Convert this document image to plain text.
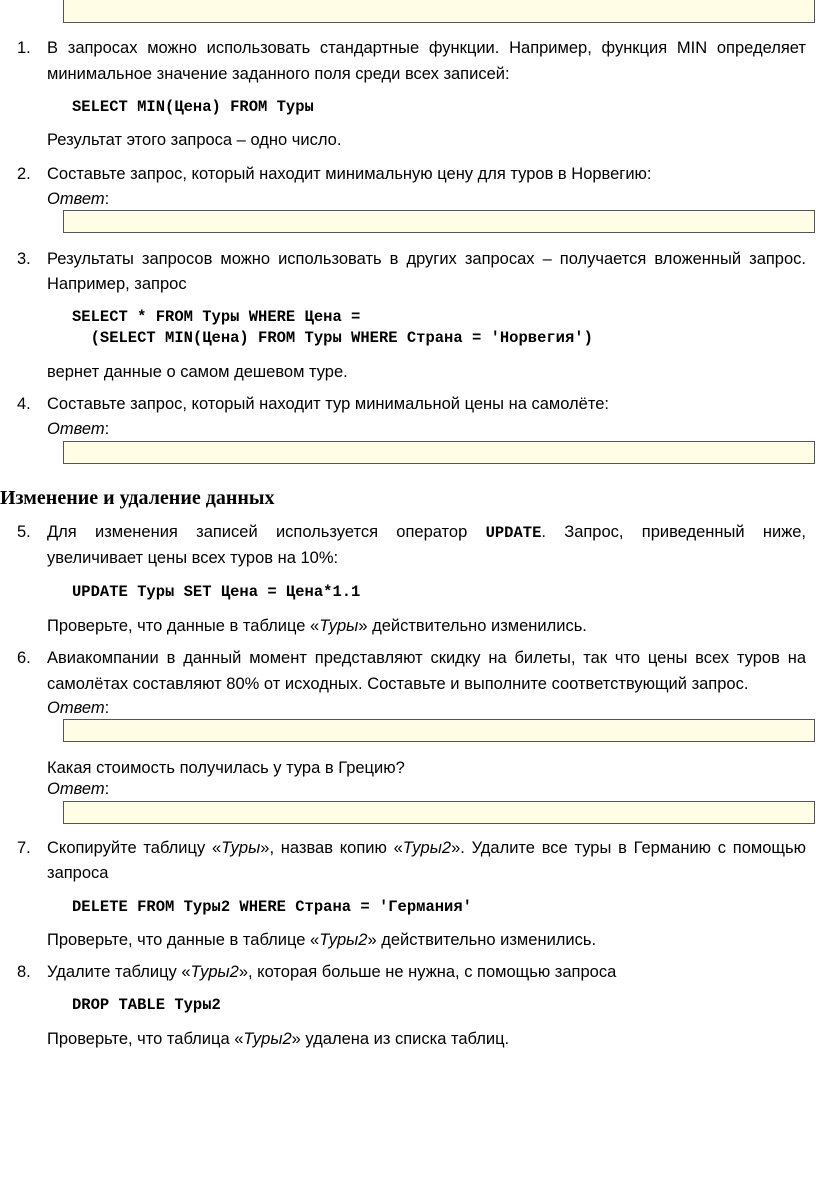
1. В запросах можно использовать стандартные функции. Например, функция MIN определяет
минимальное значение заданного поля среди всех записей:
SELECT MIN(Цена) FROM Туры
Результат этого запроса – одно число.
2. Составьте запрос, который находит минимальную цену для туров в Норвегию:
Ответ:
3. Результаты запросов можно использовать в других запросах – получается вложенный запрос.
Например, запрос
SELECT * FROM Туры WHERE Цена =
(SELECT MIN(Цена) FROM Туры WHERE Страна = 'Норвегия')
вернет данные о самом дешевом туре.
4. Составьте запрос, который находит тур минимальной цены на самолёте:
Ответ:
Изменение и удаление данных
5. Для изменения записей используется оператор UPDATE. Запрос, приведенный ниже,
увеличивает цены всех туров на 10%:
UPDATE Туры SET Цена = Цена*1.1
Проверьте, что данные в таблице «Туры» действительно изменились.
6. Авиакомпании в данный момент представляют скидку на билеты, так что цены всех туров на
самолётах составляют 80% от исходных. Составьте и выполните соответствующий запрос.
Ответ:
Какая стоимость получилась у тура в Грецию?
Ответ:
7. Скопируйте таблицу «Туры», назвав копию «Туры2». Удалите все туры в Германию с помощью
запроса
DELETE FROM Туры2 WHERE Страна = 'Германия'
Проверьте, что данные в таблице «Туры2» действительно изменились.
8. Удалите таблицу «Туры2», которая больше не нужна, с помощью запроса
DROP TABLE Туры2
Проверьте, что таблица «Туры2» удалена из списка таблиц.
